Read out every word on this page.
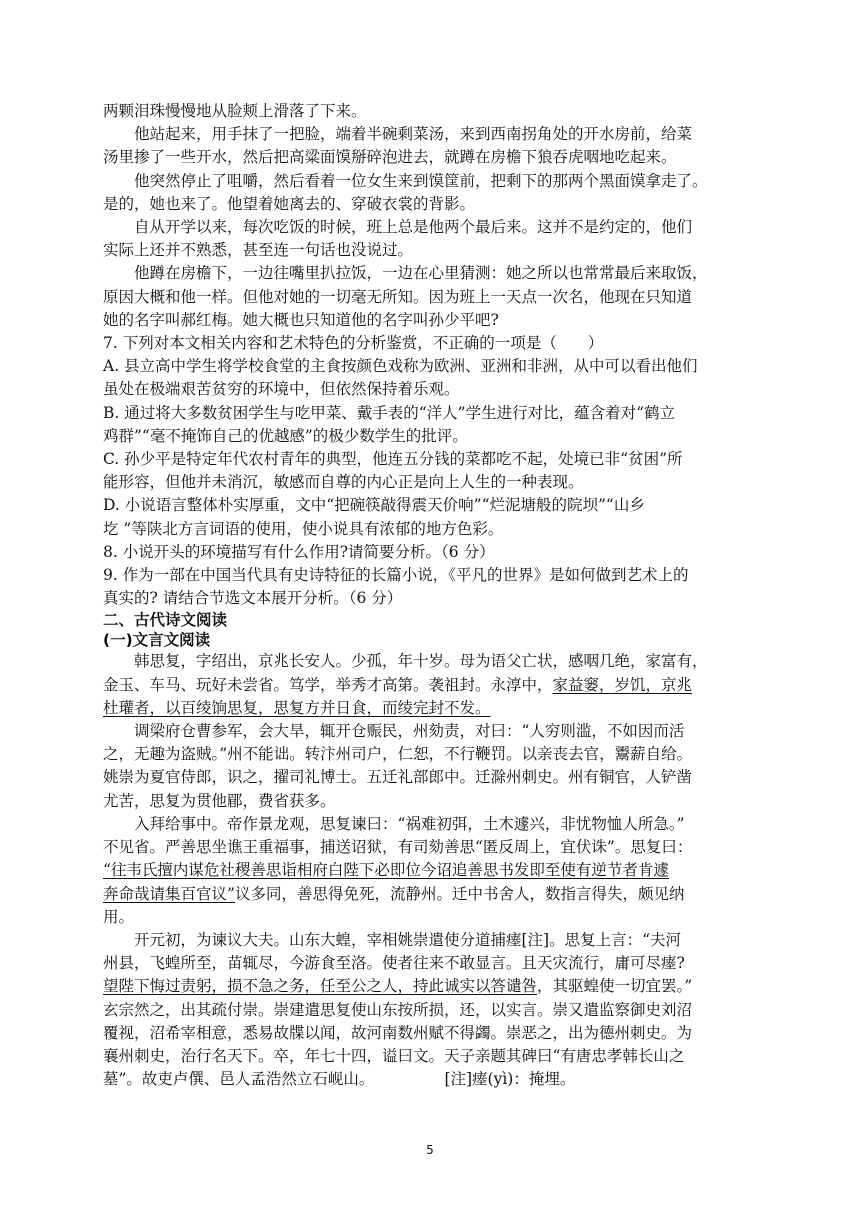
两颗泪珠慢慢地从脸颊上滑落了下来。
他站起来，用手抹了一把脸，端着半碗剩菜汤，来到西南拐角处的开水房前，给菜
汤里掺了一些开水，然后把高粱面馍掰碎泡进去，就蹲在房檐下狼吞虎咽地吃起来。
他突然停止了咀嚼，然后看着一位女生来到馍筐前，把剩下的那两个黑面馍拿走了。
是的，她也来了。他望着她离去的、穿破衣裳的背影。
自从开学以来，每次吃饭的时候，班上总是他两个最后来。这并不是约定的，他们
实际上还并不熟悉，甚至连一句话也没说过。
他蹲在房檐下，一边往嘴里扒拉饭，一边在心里猜测：她之所以也常常最后来取饭，
原因大概和他一样。但他对她的一切毫无所知。因为班上一天点一次名，他现在只知道
她的名字叫郝红梅。她大概也只知道他的名字叫孙少平吧?
7. 下列对本文相关内容和艺术特色的分析鉴赏，不正确的一项是（　　）
A. 县立高中学生将学校食堂的主食按颜色戏称为欧洲、亚洲和非洲，从中可以看出他们
虽处在极端艰苦贫穷的环境中，但依然保持着乐观。
B. 通过将大多数贫困学生与吃甲菜、戴手表的“洋人”学生进行对比，蕴含着对“鹤立
鸡群”“毫不掩饰自己的优越感”的极少数学生的批评。
C. 孙少平是特定年代农村青年的典型，他连五分钱的菜都吃不起，处境已非“贫困”所
能形容，但他并未消沉，敏感而自尊的内心正是向上人生的一种表现。
D. 小说语言整体朴实厚重，文中“把碗筷敲得震天价响”“烂泥塘般的院坝”“山乡
圪 ”等陕北方言词语的使用，使小说具有浓郁的地方色彩。
8. 小说开头的环境描写有什么作用?请简要分析。（6 分）
9. 作为一部在中国当代具有史诗特征的长篇小说，《平凡的世界》是如何做到艺术上的
真实的? 请结合节选文本展开分析。（6 分）
二、古代诗文阅读
(一)文言文阅读
韩思复，字绍出，京兆长安人。少孤，年十岁。母为语父亡状，感咽几绝，家富有，
金玉、车马、玩好未尝省。笃学，举秀才高第。袭祖封。永淳中，家益窭，岁饥，京兆
杜瓘者，以百绫饷思复，思复方并日食，而绫完封不发。
调梁府仓曹参军，会大旱，辄开仓赈民，州劾责，对曰：“人穷则滥，不如因而活
之，无趣为盗贼。”州不能诎。转汴州司户，仁恕，不行鞭罚。以亲丧去官，鬻薪自给。
姚崇为夏官侍郎，识之，擢司礼博士。五迁礼部郎中。迁滁州刺史。州有铜官，人铲凿
尤苦，思复为贯他郿，费省获多。
入拜给事中。帝作景龙观，思复谏曰：“祸难初弭，土木遽兴，非忧物恤人所急。”
不见省。严善思坐谯王重福事，捕送诏狱，有司劾善思“匿反周上，宜伏诛”。思复曰：
“往韦氏擅内谋危社稷善思诣相府白陛下必即位今诏追善思书发即至使有逆节者肯遽
奔命哉请集百官议”议多同，善思得免死，流静州。迁中书舍人，数指言得失，颇见纳
用。
开元初，为谏议大夫。山东大蝗，宰相姚崇遣使分道捕瘗[注]。思复上言：“夫河
州县，飞蝗所至，苗辄尽，今游食至洛。使者往来不敢显言。且天灾流行，庸可尽瘗?
望陛下悔过责躬，损不急之务，任至公之人，持此诚实以答谴咎，其驱蝗使一切宜罢。”
玄宗然之，出其疏付崇。崇建遣思复使山东按所损，还，以实言。崇又遣监察御史刘沼
覆视，沼希宰相意，悉易故牒以闻，故河南数州赋不得蠲。崇恶之，出为德州刺史。为
襄州刺史，治行名天下。卒，年七十四，谥曰文。天子亲题其碑曰“有唐忠孝韩长山之
墓”。故吏卢僎、邑人孟浩然立石岘山。	[注]瘗(yì)：掩埋。
5
